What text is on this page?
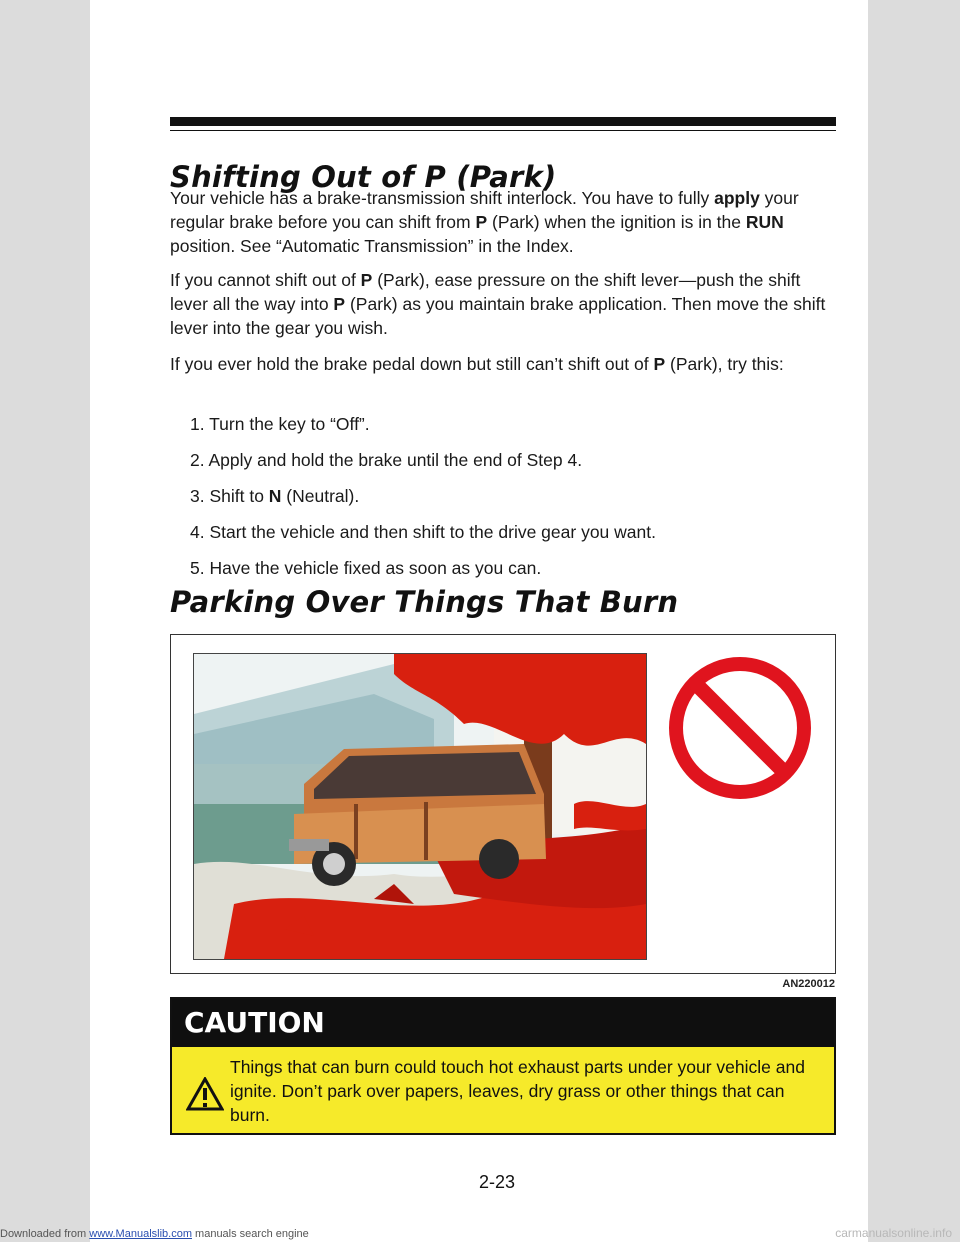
Downloaded from www.Manualslib.com manuals search engine
Shifting Out of P (Park)

Your vehicle has a brake-transmission shift interlock. You have to fully apply your regular brake before you can shift from P (Park) when the ignition is in the RUN position. See “Automatic Transmission” in the Index.

If you cannot shift out of P (Park), ease pressure on the shift lever—push the shift lever all the way into P (Park) as you maintain brake application. Then move the shift lever into the gear you wish.

If you ever hold the brake pedal down but still can’t shift out of P (Park), try this:

1. Turn the key to “Off”.
2. Apply and hold the brake until the end of Step 4.
3. Shift to N (Neutral).
4. Start the vehicle and then shift to the drive gear you want.
5. Have the vehicle fixed as soon as you can.
Parking Over Things That Burn
AN220012
CAUTION
Things that can burn could touch hot exhaust parts under your vehicle and ignite. Don’t park over papers, leaves, dry grass or other things that can burn.
2-23
carmanualsonline.info
